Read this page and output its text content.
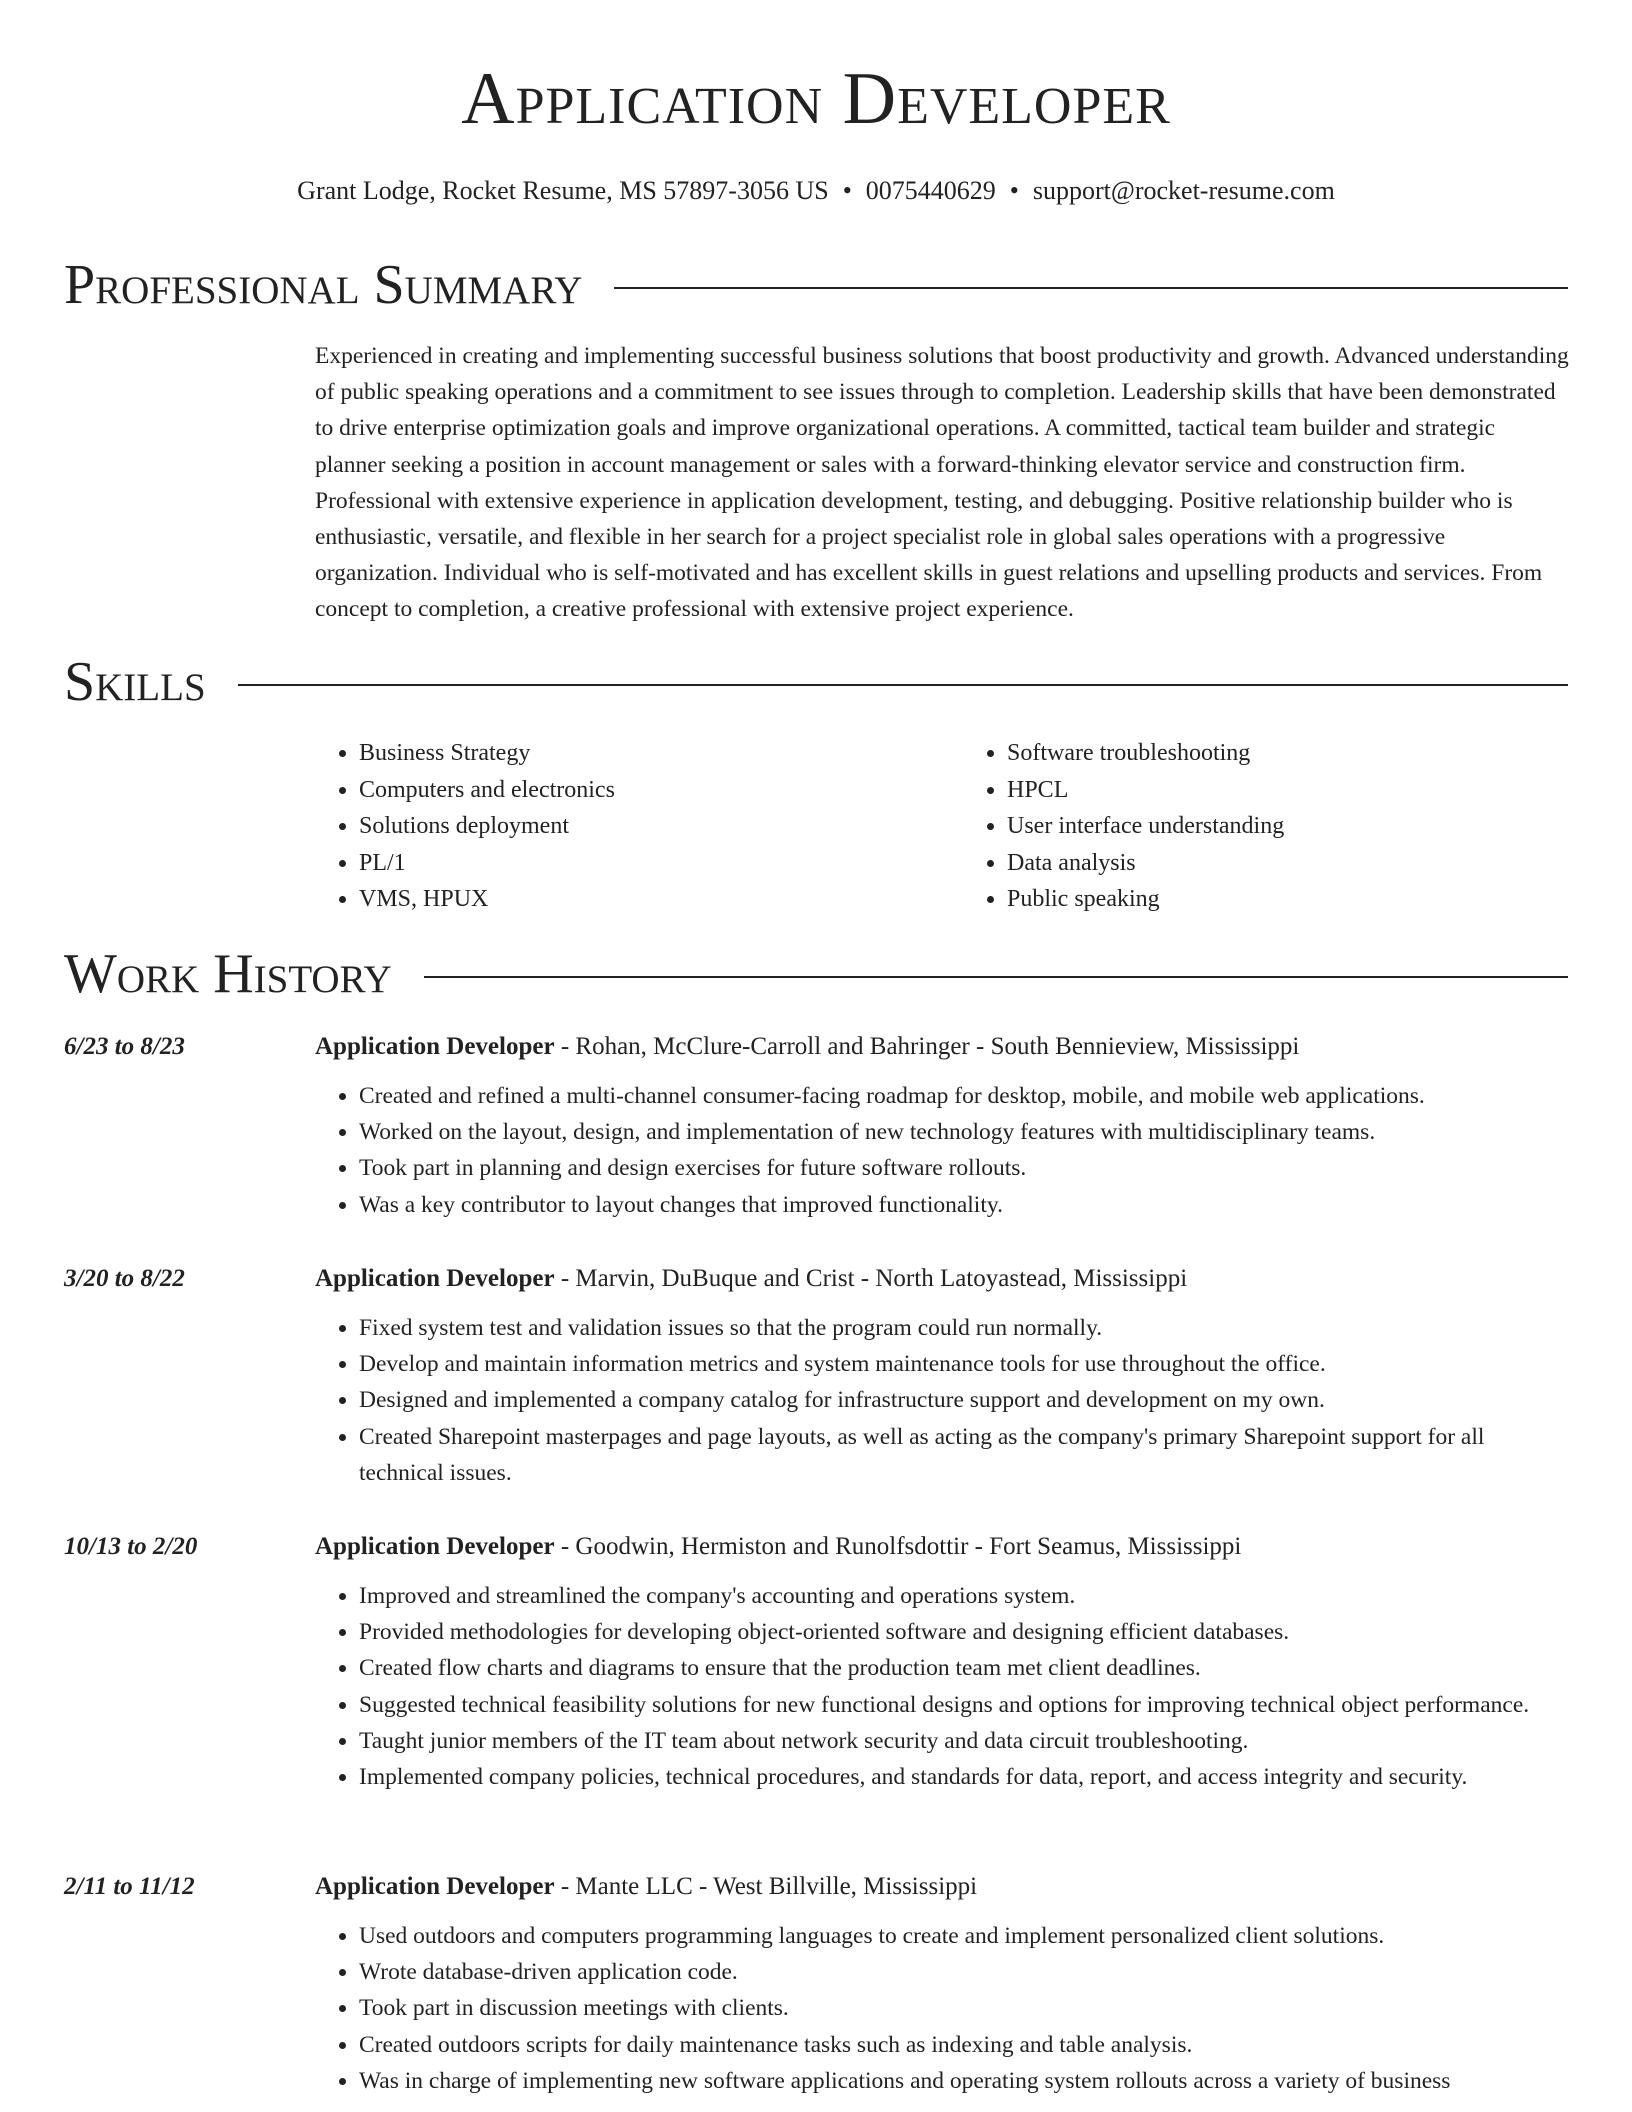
Application Developer
Grant Lodge, Rocket Resume, MS 57897-3056 US • 0075440629 • support@rocket-resume.com
Professional Summary

Experienced in creating and implementing successful business solutions that boost productivity and growth. Advanced understanding of public speaking operations and a commitment to see issues through to completion. Leadership skills that have been demonstrated to drive enterprise optimization goals and improve organizational operations. A committed, tactical team builder and strategic planner seeking a position in account management or sales with a forward-thinking elevator service and construction firm. Professional with extensive experience in application development, testing, and debugging. Positive relationship builder who is enthusiastic, versatile, and flexible in her search for a project specialist role in global sales operations with a progressive organization. Individual who is self-motivated and has excellent skills in guest relations and upselling products and services. From concept to completion, a creative professional with extensive project experience.

Skills
• Business Strategy
• Computers and electronics
• Solutions deployment
• PL/1
• VMS, HPUX
• Software troubleshooting
• HPCL
• User interface understanding
• Data analysis
• Public speaking
Work History
6/23 to 8/23	Application Developer - Rohan, McClure-Carroll and Bahringer - South Bennieview, Mississippi
• Created and refined a multi-channel consumer-facing roadmap for desktop, mobile, and mobile web applications.
• Worked on the layout, design, and implementation of new technology features with multidisciplinary teams.
• Took part in planning and design exercises for future software rollouts.
• Was a key contributor to layout changes that improved functionality.
3/20 to 8/22	Application Developer - Marvin, DuBuque and Crist - North Latoyastead, Mississippi
• Fixed system test and validation issues so that the program could run normally.
• Develop and maintain information metrics and system maintenance tools for use throughout the office.
• Designed and implemented a company catalog for infrastructure support and development on my own.
• Created Sharepoint masterpages and page layouts, as well as acting as the company's primary Sharepoint support for all technical issues.
10/13 to 2/20	Application Developer - Goodwin, Hermiston and Runolfsdottir - Fort Seamus, Mississippi
• Improved and streamlined the company's accounting and operations system.
• Provided methodologies for developing object-oriented software and designing efficient databases.
• Created flow charts and diagrams to ensure that the production team met client deadlines.
• Suggested technical feasibility solutions for new functional designs and options for improving technical object performance.
• Taught junior members of the IT team about network security and data circuit troubleshooting.
• Implemented company policies, technical procedures, and standards for data, report, and access integrity and security.
2/11 to 11/12	Application Developer - Mante LLC - West Billville, Mississippi
• Used outdoors and computers programming languages to create and implement personalized client solutions.
• Wrote database-driven application code.
• Took part in discussion meetings with clients.
• Created outdoors scripts for daily maintenance tasks such as indexing and table analysis.
• Was in charge of implementing new software applications and operating system rollouts across a variety of business
